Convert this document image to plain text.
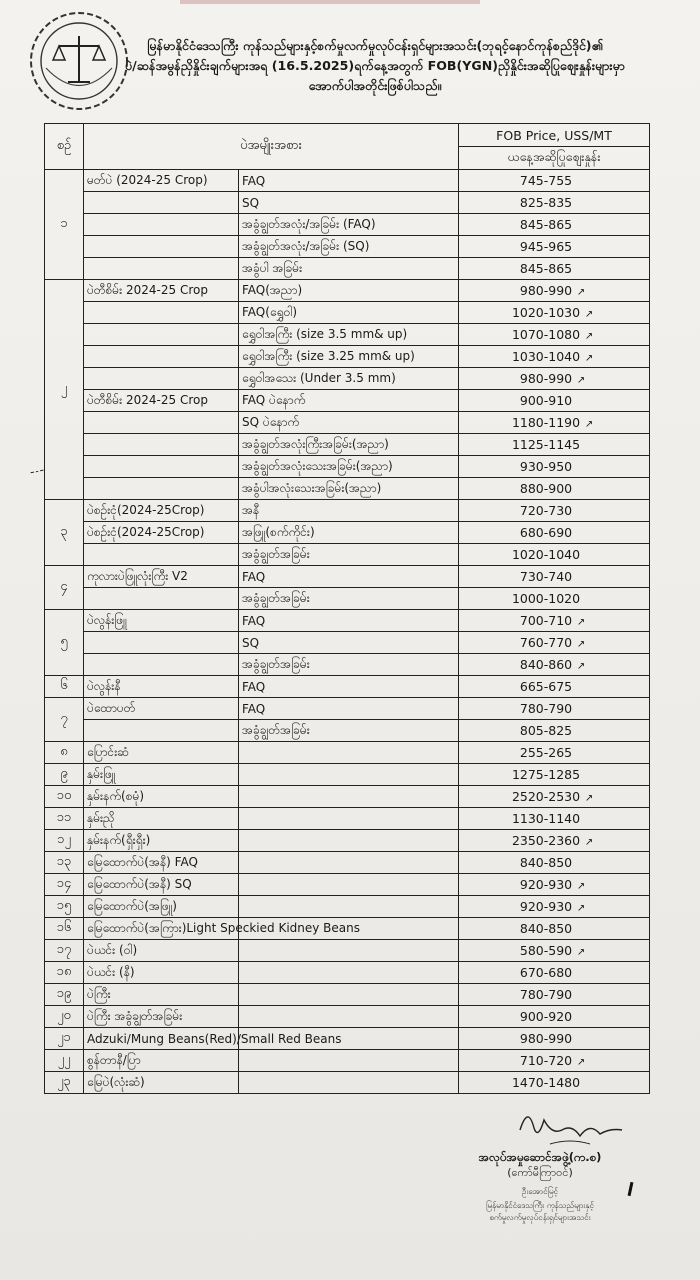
မြန်မာနိုင်ငံဒေသကြီး ကုန်သည်များနှင့်စက်မှုလက်မှုလုပ်ငန်းရှင်များအသင်း(ဘုရင့်နောင်ကုန်စည်ဒိုင်)၏
ပဲ/ဆန်အမွန်ညှိနှိုင်းချက်များအရ (16.5.2025)ရက်နေ့အတွက် FOB(YGN)ညှိနှိုင်းအဆိုပြုဈေးနှုန်းများမှာ
အောက်ပါအတိုင်းဖြစ်ပါသည်။
စဉ်	ပဲအမျိုးအစား		FOB Price, USS/MT
			ယနေ့အဆိုပြုဈေးနှုန်း
၁	မတ်ပဲ (2024-25 Crop)	FAQ	745-755
		SQ	825-835
		အခွံချွတ်အလုံး/အခြမ်း (FAQ)	845-865
		အခွံချွတ်အလုံး/အခြမ်း (SQ)	945-965
		အခွံပါ အခြမ်း	845-865
၂	ပဲတီစိမ်း 2024-25 Crop	FAQ(အညာ)	980-990 ↗
		FAQ(ရွှေဝါ)	1020-1030 ↗
		ရွှေဝါအကြီး (size 3.5 mm& up)	1070-1080 ↗
		ရွှေဝါအကြီး (size 3.25 mm& up)	1030-1040 ↗
		ရွှေဝါအသေး (Under 3.5 mm)	980-990 ↗
	ပဲတီစိမ်း 2024-25 Crop	FAQ ပဲနောက်	900-910
		SQ ပဲနောက်	1180-1190 ↗
		အခွံချွတ်အလုံးကြီးအခြမ်း(အညာ)	1125-1145
		အခွံချွတ်အလုံးသေးအခြမ်း(အညာ)	930-950
		အခွံပါအလုံးသေးအခြမ်း(အညာ)	880-900
၃	ပဲစဉ်းငုံ(2024-25Crop)	အနီ	720-730
	ပဲစဉ်းငုံ(2024-25Crop)	အဖြူ(စက်ကိုင်း)	680-690
		အခွံချွတ်အခြမ်း	1020-1040
၄	ကုလားပဲဖြူလုံးကြီး V2	FAQ	730-740
		အခွံချွတ်အခြမ်း	1000-1020
၅	ပဲလွန်းဖြူ	FAQ	700-710 ↗
		SQ	760-770 ↗
		အခွံချွတ်အခြမ်း	840-860 ↗
၆	ပဲလွန်းနီ	FAQ	665-675
၇	ပဲထောပတ်	FAQ	780-790
		အခွံချွတ်အခြမ်း	805-825
၈	ပြောင်းဆံ		255-265
၉	နှမ်းဖြူ		1275-1285
၁၀	နှမ်းနက်(စမုံ)		2520-2530 ↗
၁၁	နှမ်းညို		1130-1140
၁၂	နှမ်းနက်(ရှီးရှီး)		2350-2360 ↗
၁၃	မြေထောက်ပဲ(အနီ) FAQ		840-850
၁၄	မြေထောက်ပဲ(အနီ) SQ		920-930 ↗
၁၅	မြေထောက်ပဲ(အဖြူ)		920-930 ↗
၁၆	မြေထောက်ပဲ(အကြား)Light Speckied Kidney Beans		840-850
၁၇	ပဲယင်း (ဝါ)		580-590 ↗
၁၈	ပဲယင်း (နီ)		670-680
၁၉	ပဲကြီး		780-790
၂၀	ပဲကြီး အခွံချွတ်အခြမ်း		900-920
၂၁	Adzuki/Mung Beans(Red)/Small Red Beans		980-990
၂၂	စွန်တာနီ/ပြာ		710-720 ↗
၂၃	မြေပဲ(လုံးဆံ)		1470-1480
ـ۔ـ
အလုပ်အမှုဆောင်အဖွဲ့(က.စ)
(ကော်မီကြာဝင်)
ဦးအောင်မြင့်
မြန်မာနိုင်ငံဒေသကြီး ကုန်သည်များနှင့်
စက်မှုလက်မှုလုပ်ငန်းရှင်များအသင်း
